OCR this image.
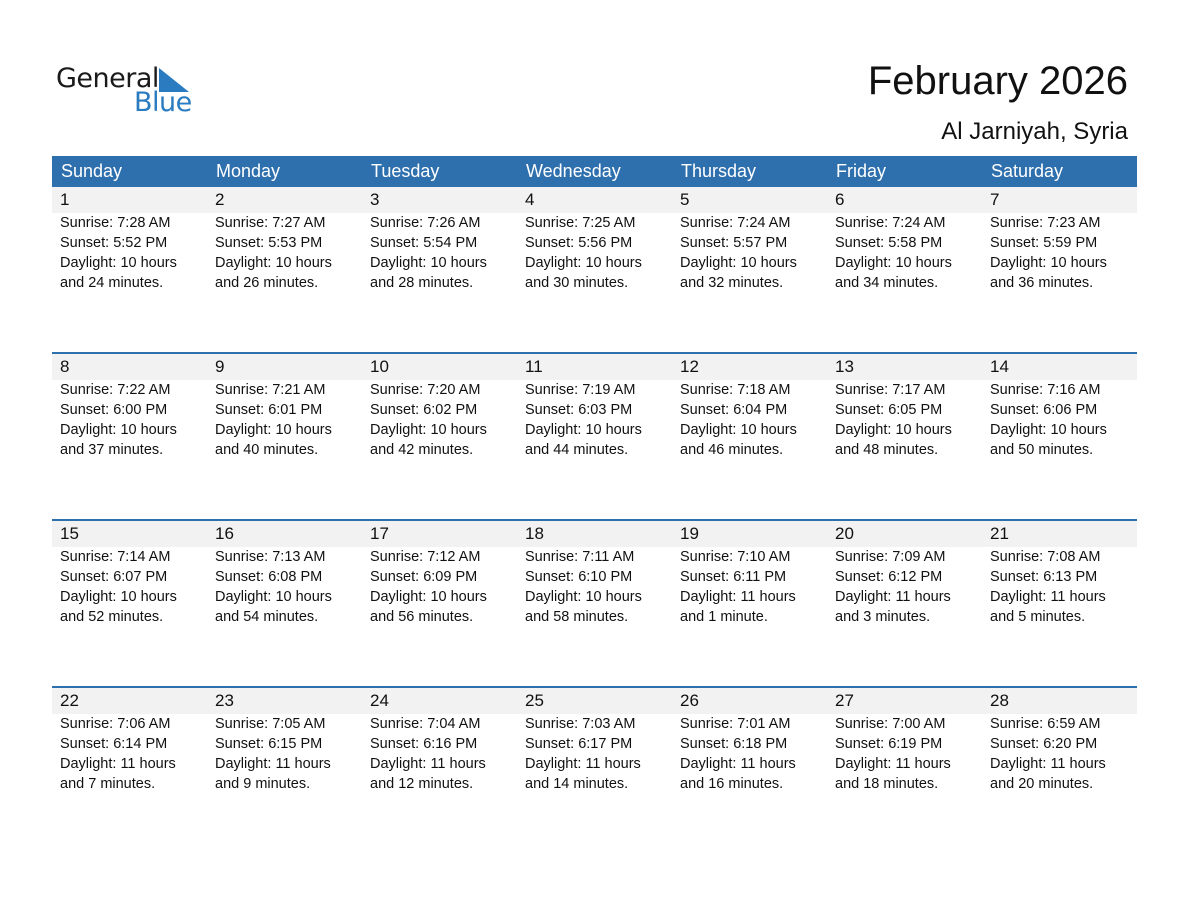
General
Blue	February 2026
Al Jarniyah, Syria
Sunday	Monday	Tuesday	Wednesday	Thursday	Friday	Saturday
1	2	3	4	5	6	7
Sunrise: 7:28 AM
Sunset: 5:52 PM
Daylight: 10 hours
and 24 minutes.
Sunrise: 7:27 AM
Sunset: 5:53 PM
Daylight: 10 hours
and 26 minutes.
Sunrise: 7:26 AM
Sunset: 5:54 PM
Daylight: 10 hours
and 28 minutes.
Sunrise: 7:25 AM
Sunset: 5:56 PM
Daylight: 10 hours
and 30 minutes.
Sunrise: 7:24 AM
Sunset: 5:57 PM
Daylight: 10 hours
and 32 minutes.
Sunrise: 7:24 AM
Sunset: 5:58 PM
Daylight: 10 hours
and 34 minutes.
Sunrise: 7:23 AM
Sunset: 5:59 PM
Daylight: 10 hours
and 36 minutes.
8	9	10	11	12	13	14
Sunrise: 7:22 AM
Sunset: 6:00 PM
Daylight: 10 hours
and 37 minutes.
Sunrise: 7:21 AM
Sunset: 6:01 PM
Daylight: 10 hours
and 40 minutes.
Sunrise: 7:20 AM
Sunset: 6:02 PM
Daylight: 10 hours
and 42 minutes.
Sunrise: 7:19 AM
Sunset: 6:03 PM
Daylight: 10 hours
and 44 minutes.
Sunrise: 7:18 AM
Sunset: 6:04 PM
Daylight: 10 hours
and 46 minutes.
Sunrise: 7:17 AM
Sunset: 6:05 PM
Daylight: 10 hours
and 48 minutes.
Sunrise: 7:16 AM
Sunset: 6:06 PM
Daylight: 10 hours
and 50 minutes.
15	16	17	18	19	20	21
Sunrise: 7:14 AM
Sunset: 6:07 PM
Daylight: 10 hours
and 52 minutes.
Sunrise: 7:13 AM
Sunset: 6:08 PM
Daylight: 10 hours
and 54 minutes.
Sunrise: 7:12 AM
Sunset: 6:09 PM
Daylight: 10 hours
and 56 minutes.
Sunrise: 7:11 AM
Sunset: 6:10 PM
Daylight: 10 hours
and 58 minutes.
Sunrise: 7:10 AM
Sunset: 6:11 PM
Daylight: 11 hours
and 1 minute.
Sunrise: 7:09 AM
Sunset: 6:12 PM
Daylight: 11 hours
and 3 minutes.
Sunrise: 7:08 AM
Sunset: 6:13 PM
Daylight: 11 hours
and 5 minutes.
22	23	24	25	26	27	28
Sunrise: 7:06 AM
Sunset: 6:14 PM
Daylight: 11 hours
and 7 minutes.
Sunrise: 7:05 AM
Sunset: 6:15 PM
Daylight: 11 hours
and 9 minutes.
Sunrise: 7:04 AM
Sunset: 6:16 PM
Daylight: 11 hours
and 12 minutes.
Sunrise: 7:03 AM
Sunset: 6:17 PM
Daylight: 11 hours
and 14 minutes.
Sunrise: 7:01 AM
Sunset: 6:18 PM
Daylight: 11 hours
and 16 minutes.
Sunrise: 7:00 AM
Sunset: 6:19 PM
Daylight: 11 hours
and 18 minutes.
Sunrise: 6:59 AM
Sunset: 6:20 PM
Daylight: 11 hours
and 20 minutes.
